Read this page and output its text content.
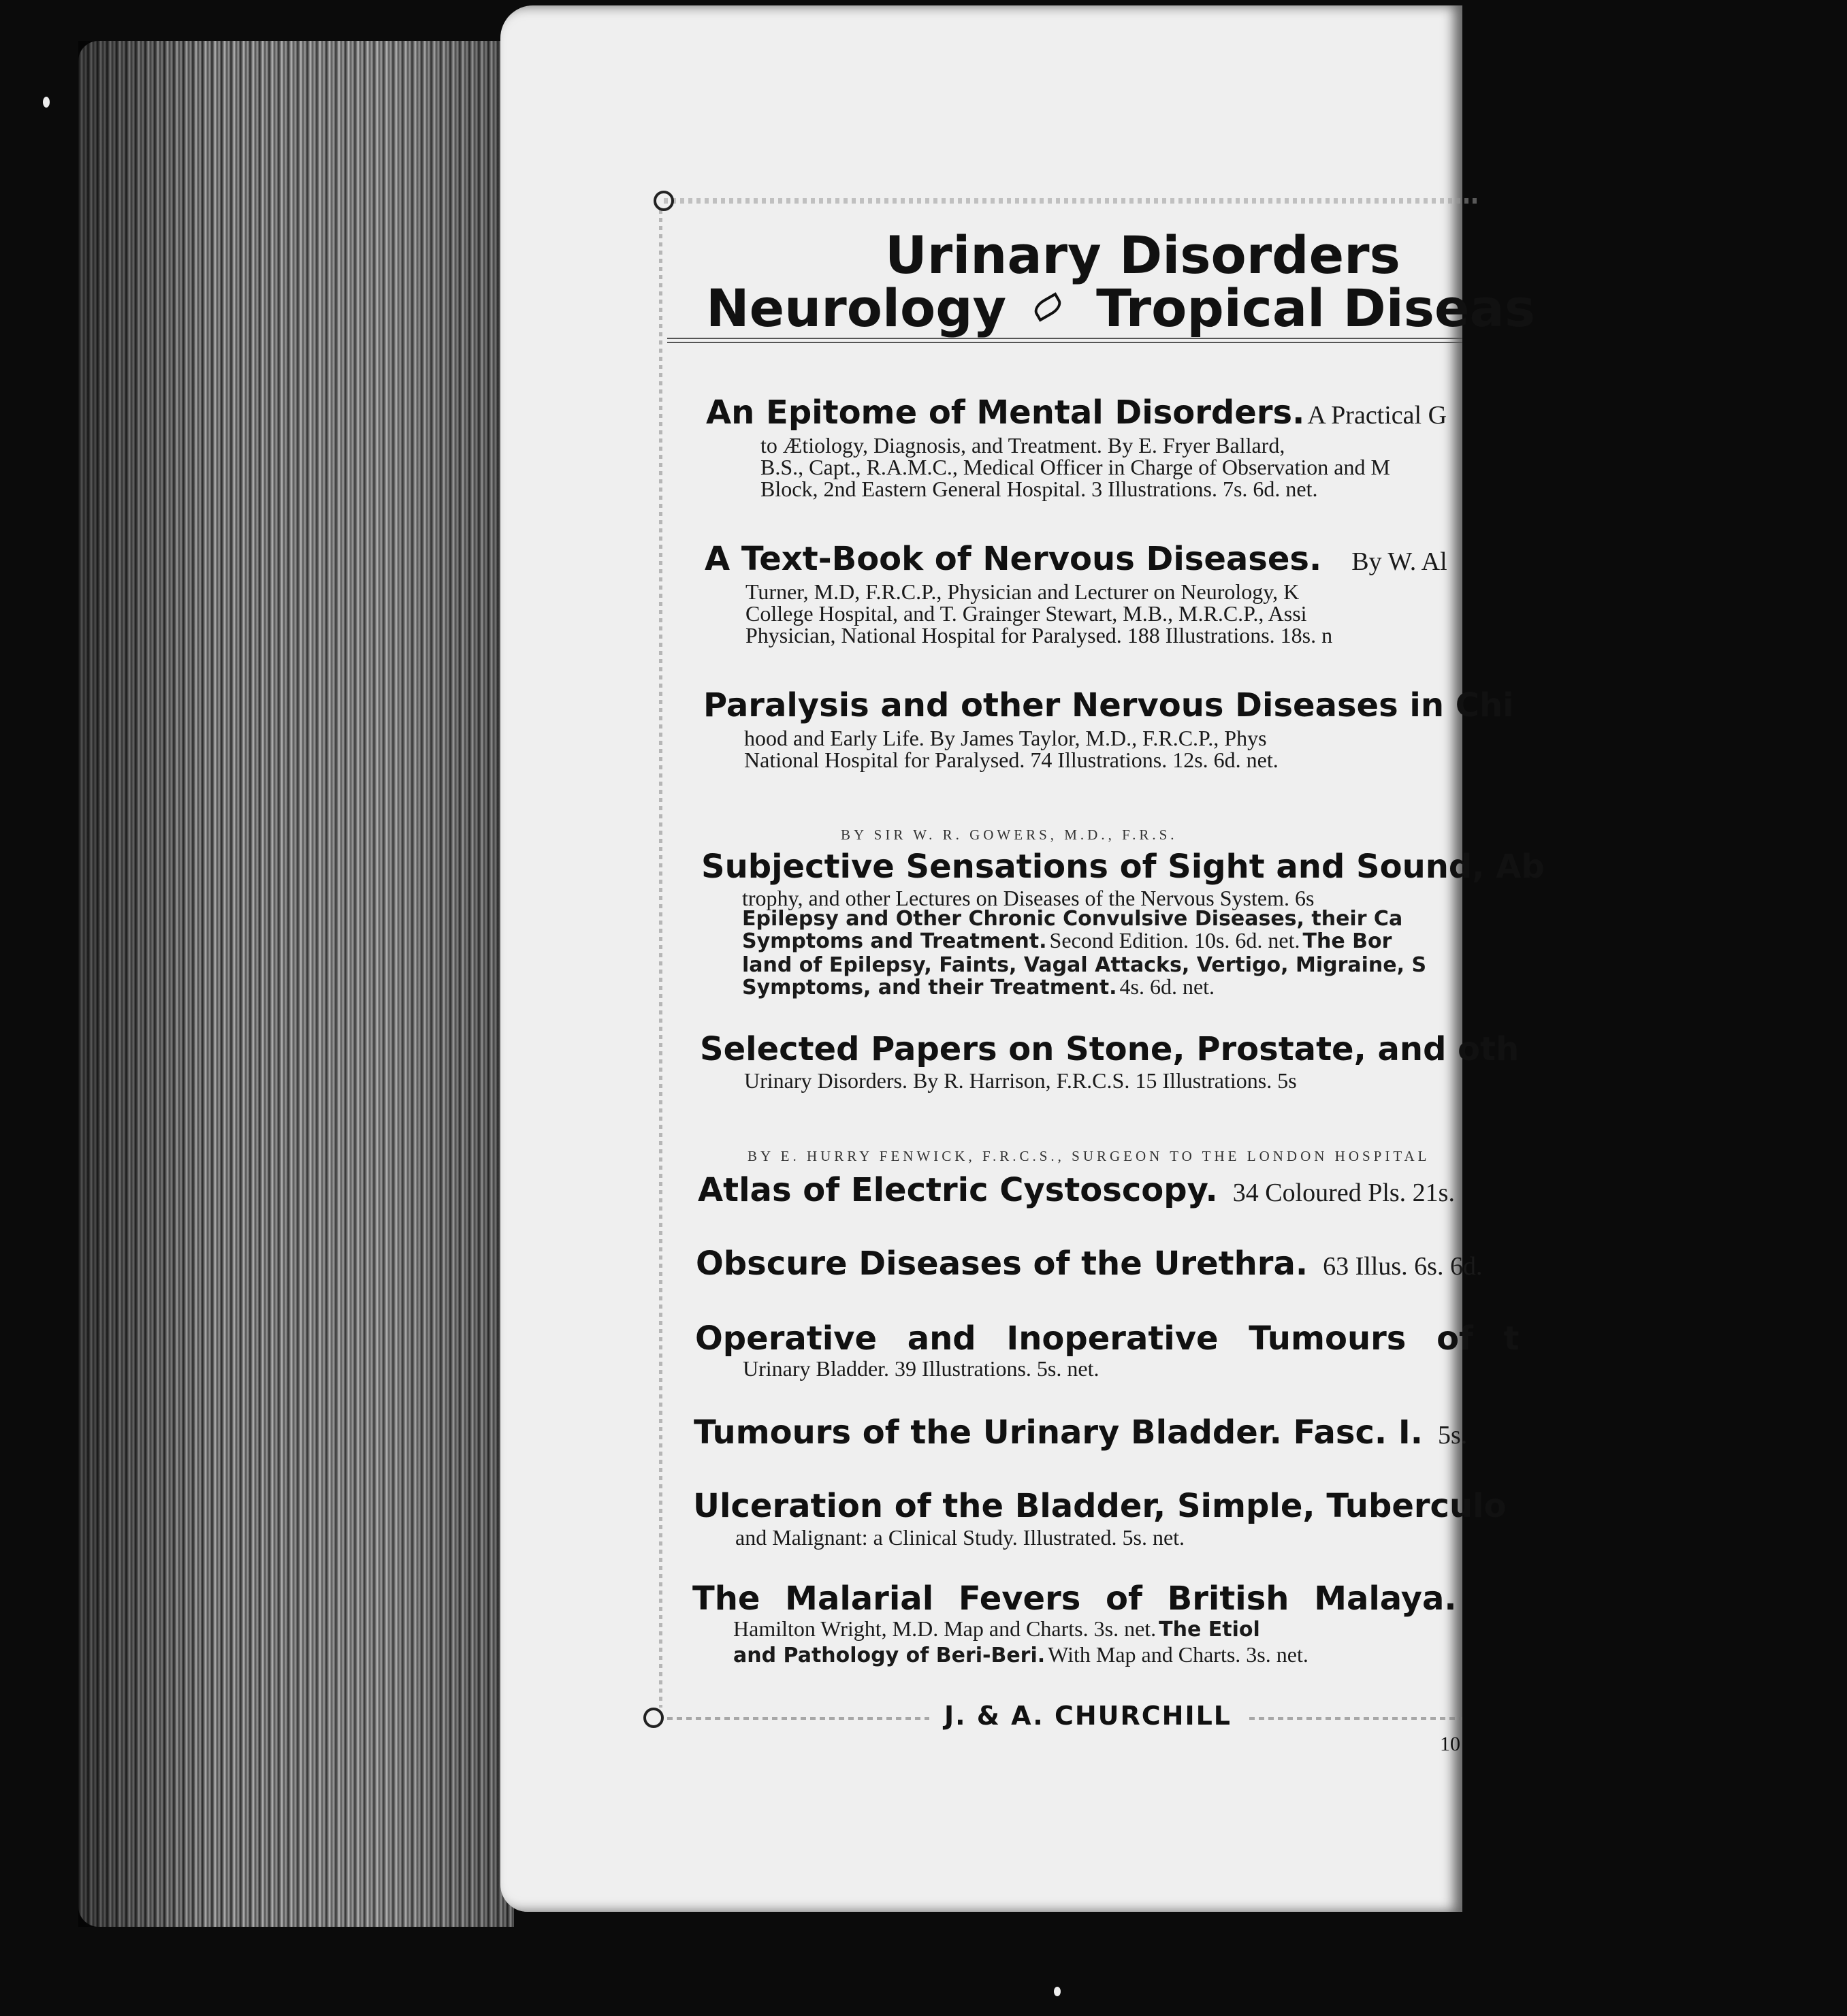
Urinary Disorders
Neurology Tropical Diseas
An Epitome of Mental Disorders. A Practical G
to Ætiology, Diagnosis, and Treatment. By E. Fryer Ballard,
B.S., Capt., R.A.M.C., Medical Officer in Charge of Observation and M
Block, 2nd Eastern General Hospital. 3 Illustrations. 7s. 6d. net.
A Text-Book of Nervous Diseases. By W. Al
Turner, M.D, F.R.C.P., Physician and Lecturer on Neurology, K
College Hospital, and T. Grainger Stewart, M.B., M.R.C.P., Assi
Physician, National Hospital for Paralysed. 188 Illustrations. 18s. n
Paralysis and other Nervous Diseases in Chi
hood and Early Life. By James Taylor, M.D., F.R.C.P., Phys
National Hospital for Paralysed. 74 Illustrations. 12s. 6d. net.
BY SIR W. R. GOWERS, M.D., F.R.S.
Subjective Sensations of Sight and Sound, Ab
trophy, and other Lectures on Diseases of the Nervous System. 6s
Epilepsy and Other Chronic Convulsive Diseases, their Ca
Symptoms and Treatment. Second Edition. 10s. 6d. net. The Bor
land of Epilepsy, Faints, Vagal Attacks, Vertigo, Migraine, S
Symptoms, and their Treatment. 4s. 6d. net.
Selected Papers on Stone, Prostate, and oth
Urinary Disorders. By R. Harrison, F.R.C.S. 15 Illustrations. 5s
BY E. HURRY FENWICK, F.R.C.S., SURGEON TO THE LONDON HOSPITAL
Atlas of Electric Cystoscopy. 34 Coloured Pls. 21s.
Obscure Diseases of the Urethra. 63 Illus. 6s. 6d.
Operative and Inoperative Tumours of t
Urinary Bladder. 39 Illustrations. 5s. net.
Tumours of the Urinary Bladder. Fasc. I. 5s.
Ulceration of the Bladder, Simple, Tuberculo
and Malignant: a Clinical Study. Illustrated. 5s. net.
The Malarial Fevers of British Malaya.
Hamilton Wright, M.D. Map and Charts. 3s. net. The Etiol
and Pathology of Beri-Beri. With Map and Charts. 3s. net.
J. & A. CHURCHILL
10
